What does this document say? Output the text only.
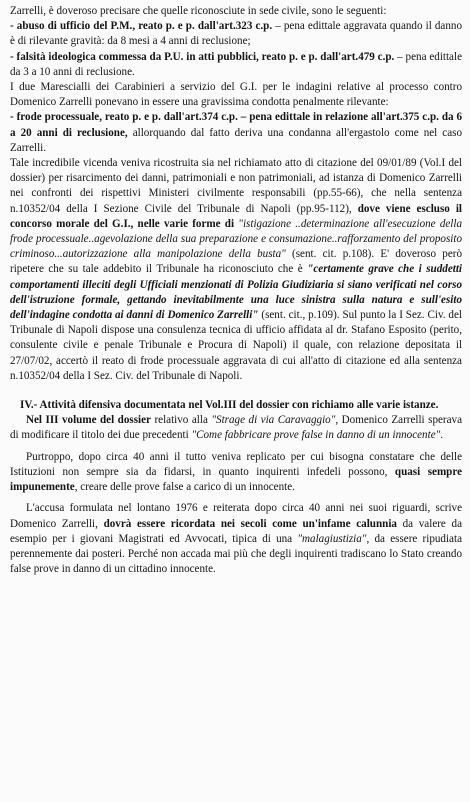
Zarrelli, è doveroso precisare che quelle riconosciute in sede civile, sono le seguenti:

- abuso di ufficio del P.M., reato p. e p. dall'art.323 c.p. – pena edittale aggravata quando il danno è di rilevante gravità: da 8 mesi a 4 anni di reclusione;

- falsità ideologica commessa da P.U. in atti pubblici, reato p. e p. dall'art.479 c.p. – pena edittale da 3 a 10 anni di reclusione.

I due Marescialli dei Carabinieri a servizio del G.I. per le indagini relative al processo contro Domenico Zarrelli ponevano in essere una gravissima condotta penalmente rilevante:

- frode processuale, reato p. e p. dall'art.374 c.p. – pena edittale in relazione all'art.375 c.p. da 6 a 20 anni di reclusione, allorquando dal fatto deriva una condanna all'ergastolo come nel caso Zarrelli.

Tale incredibile vicenda veniva ricostruita sia nel richiamato atto di citazione del 09/01/89 (Vol.I del dossier) per risarcimento dei danni, patrimoniali e non patrimoniali, ad istanza di Domenico Zarrelli nei confronti dei rispettivi Ministeri civilmente responsabili (pp.55-66), che nella sentenza n.10352/04 della I Sezione Civile del Tribunale di Napoli (pp.95-112), dove viene escluso il concorso morale del G.I., nelle varie forme di "istigazione ..determinazione all'esecuzione della frode processuale..agevolazione della sua preparazione e consumazione..rafforzamento del proposito criminoso...autorizzazione alla manipolazione della busta" (sent. cit. p.108). E' doveroso però ripetere che su tale addebito il Tribunale ha riconosciuto che è "certamente grave che i suddetti comportamenti illeciti degli Ufficiali menzionati di Polizia Giudiziaria si siano verificati nel corso dell'istruzione formale, gettando inevitabilmente una luce sinistra sulla natura e sull'esito dell'indagine condotta ai danni di Domenico Zarrelli" (sent. cit., p.109). Sul punto la I Sez. Civ. del Tribunale di Napoli dispose una consulenza tecnica di ufficio affidata al dr. Stafano Esposito (perito, consulente civile e penale Tribunale e Procura di Napoli) il quale, con relazione depositata il 27/07/02, accertò il reato di frode processuale aggravata di cui all'atto di citazione ed alla sentenza n.10352/04 della I Sez. Civ. del Tribunale di Napoli.

IV.- Attività difensiva documentata nel Vol.III del dossier con richiamo alle varie istanze.

Nel III volume del dossier relativo alla "Strage di via Caravaggio", Domenico Zarrelli sperava di modificare il titolo dei due precedenti "Come fabbricare prove false in danno di un innocente".

Purtroppo, dopo circa 40 anni il tutto veniva replicato per cui bisogna constatare che delle Istituzioni non sempre sia da fidarsi, in quanto inquirenti infedeli possono, quasi sempre impunemente, creare delle prove false a carico di un innocente.

L'accusa formulata nel lontano 1976 e reiterata dopo circa 40 anni nei suoi riguardi, scrive Domenico Zarrelli, dovrà essere ricordata nei secoli come un'infame calunnia da valere da esempio per i giovani Magistrati ed Avvocati, tipica di una "malagiustizia", da essere ripudiata perennemente dai posteri. Perché non accada mai più che degli inquirenti tradiscano lo Stato creando false prove in danno di un cittadino innocente.
